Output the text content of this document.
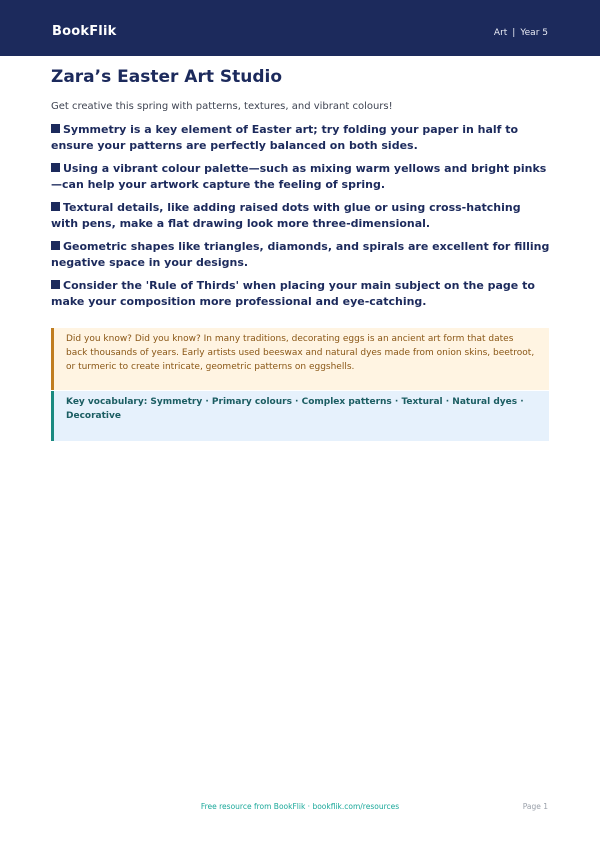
BookFlik	Art | Year 5
Zara’s Easter Art Studio
Get creative this spring with patterns, textures, and vibrant colours!
Symmetry is a key element of Easter art; try folding your paper in half to ensure your patterns are perfectly balanced on both sides.
Using a vibrant colour palette—such as mixing warm yellows and bright pinks—can help your artwork capture the feeling of spring.
Textural details, like adding raised dots with glue or using cross-hatching with pens, make a flat drawing look more three-dimensional.
Geometric shapes like triangles, diamonds, and spirals are excellent for filling negative space in your designs.
Consider the 'Rule of Thirds' when placing your main subject on the page to make your composition more professional and eye-catching.

Did you know? Did you know? In many traditions, decorating eggs is an ancient art form that dates back thousands of years. Early artists used beeswax and natural dyes made from onion skins, beetroot, or turmeric to create intricate, geometric patterns on eggshells.

Key vocabulary: Symmetry · Primary colours · Complex patterns · Textural · Natural dyes · Decorative

Free resource from BookFlik · bookflik.com/resources	Page 1
